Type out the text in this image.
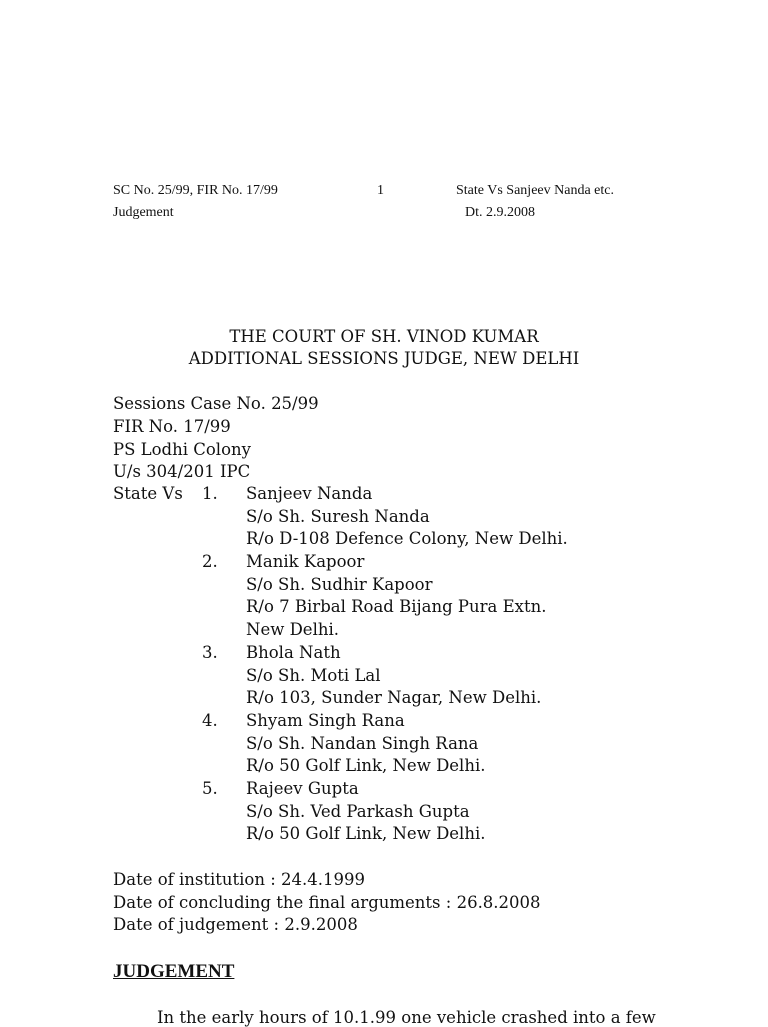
SC No. 25/99, FIR No. 17/99	1	State Vs Sanjeev Nanda etc.
Judgement	Dt. 2.9.2008
THE COURT OF SH. VINOD KUMAR
ADDITIONAL SESSIONS JUDGE, NEW DELHI
Sessions Case No. 25/99
FIR No. 17/99
PS Lodhi Colony
U/s 304/201 IPC
State Vs 1. Sanjeev Nanda
S/o Sh. Suresh Nanda
R/o D-108 Defence Colony, New Delhi.
2. Manik Kapoor
S/o Sh. Sudhir Kapoor
R/o 7 Birbal Road Bijang Pura Extn.
New Delhi.
3. Bhola Nath
S/o Sh. Moti Lal
R/o 103, Sunder Nagar, New Delhi.
4. Shyam Singh Rana
S/o Sh. Nandan Singh Rana
R/o 50 Golf Link, New Delhi.
5. Rajeev Gupta
S/o Sh. Ved Parkash Gupta
R/o 50 Golf Link, New Delhi.
Date of institution : 24.4.1999
Date of concluding the final arguments : 26.8.2008
Date of judgement : 2.9.2008
JUDGEMENT
In the early hours of 10.1.99 one vehicle crashed into a few
